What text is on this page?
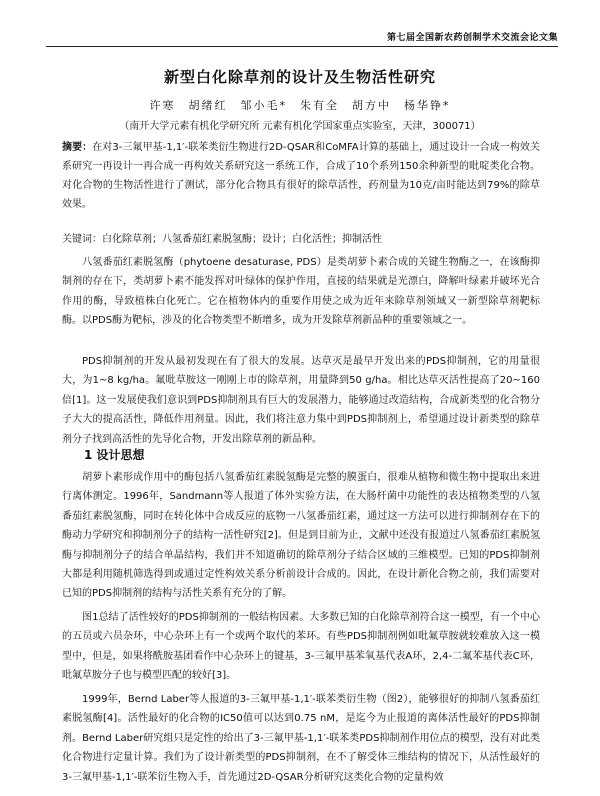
第七届全国新农药创制学术交流会论文集
新型白化除草剂的设计及生物活性研究
许寒　胡绪红　邹小毛*　朱有全　胡方中　杨华铮*
（南开大学元素有机化学研究所 元素有机化学国家重点实验室，天津，300071）
摘要：在对3-三氟甲基-1,1′-联苯类衍生物进行2D-QSAR和CoMFA计算的基础上，通过设计一合成一构效关系研究一再设计一再合成一再构效关系研究这一系统工作，合成了10个系列150余种新型的吡啶类化合物。对化合物的生物活性进行了测试，部分化合物具有很好的除草活性，药剂量为10克/亩时能达到79%的除草效果。
关键词：白化除草剂；八氢番茄红素脱氢酶；设计；白化活性；抑制活性
八氢番茄红素脱氢酶（phytoene desaturase, PDS）是类胡萝卜素合成的关键生物酶之一，在该酶抑制剂的存在下，类胡萝卜素不能发挥对叶绿体的保护作用，直接的结果就是光漂白，降解叶绿素并破坏光合作用的酶，导致植株白化死亡。它在植物体内的重要作用使之成为近年来除草剂领域又一新型除草剂靶标酶。以PDS酶为靶标，涉及的化合物类型不断增多，成为开发除草剂新品种的重要领域之一。
PDS抑制剂的开发从最初发现在有了很大的发展。达草灭是最早开发出来的PDS抑制剂，它的用量很大，为1~8 kg/ha。氟吡草胺这一刚刚上市的除草剂，用量降到50 g/ha。相比达草灭活性提高了20~160倍[1]。这一发展使我们意识到PDS抑制剂具有巨大的发展潜力，能够通过改造结构，合成新类型的化合物分子大大的提高活性，降低作用剂量。因此，我们将注意力集中到PDS抑制剂上，希望通过设计新类型的除草剂分子找到高活性的先导化合物，开发出除草剂的新品种。
1 设计思想
胡萝卜素形成作用中的酶包括八氢番茄红素脱氢酶是完整的膜蛋白，很难从植物和微生物中提取出来进行离体测定。1996年，Sandmann等人报道了体外实验方法，在大肠杆菌中功能性的表达植物类型的八氢番茄红素脱氢酶，同时在转化体中合成反应的底物一八氢番茄红素，通过这一方法可以进行抑制剂存在下的酶动力学研究和抑制剂分子的结构一活性研究[2]。但是到目前为止，文献中还没有报道过八氢番茄红素脱氢酶与抑制剂分子的结合单晶结构，我们并不知道确切的除草剂分子结合区域的三维模型。已知的PDS抑制剂大都是利用随机筛选得到或通过定性构效关系分析前设计合成的。因此，在设计新化合物之前，我们需要对已知的PDS抑制剂的结构与活性关系有充分的了解。
图1总结了活性较好的PDS抑制剂的一般结构因素。大多数已知的白化除草剂符合这一模型，有一个中心的五员或六员杂环，中心杂环上有一个或两个取代的苯环。有些PDS抑制剂例如吡氟草胺就较难放入这一模型中，但是，如果将酰胺基团看作中心杂环上的键基，3-三氟甲基苯氧基代表A环，2,4-二氟苯基代表C环，吡氟草胺分子也与模型匹配的较好[3]。
1999年，Bernd Laber等人报道的3-三氟甲基-1,1′-联苯类衍生物（图2），能够很好的抑制八氢番茄红素脱氢酶[4]。活性最好的化合物的IC50值可以达到0.75 nM，是迄今为止报道的离体活性最好的PDS抑制剂。Bernd Laber研究组只是定性的给出了3-三氟甲基-1,1′-联苯类PDS抑制剂作用位点的模型，没有对此类化合物进行定量计算。我们为了设计新类型的PDS抑制剂，在不了解受体三维结构的情况下，从活性最好的3-三氟甲基-1,1′-联苯衍生物入手，首先通过2D-QSAR分析研究这类化合物的定量构效
